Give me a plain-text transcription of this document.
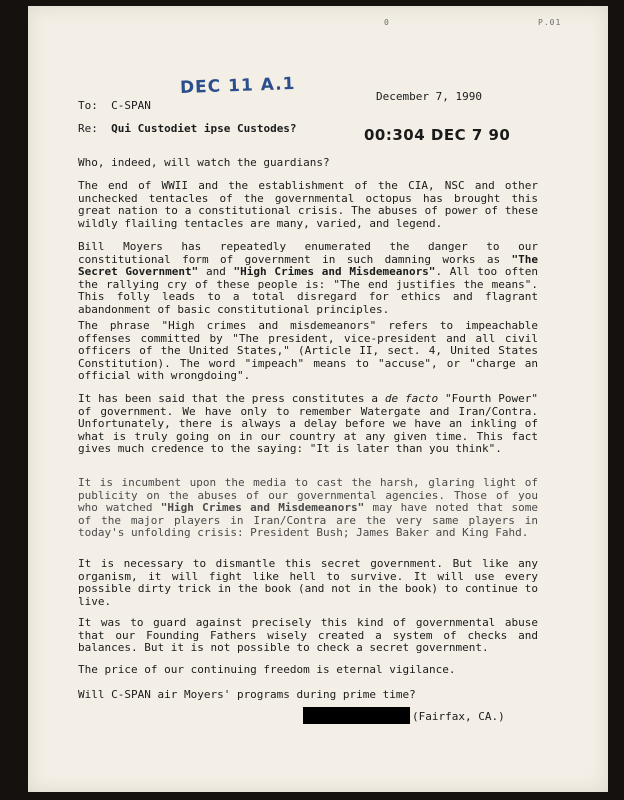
0	P.01
DEC 11 A.1
00:304 DEC 7 90
December 7, 1990
To: C-SPAN
Re: Qui Custodiet ipse Custodes?

Who, indeed, will watch the guardians?

The end of WWII and the establishment of the CIA, NSC and other unchecked tentacles of the governmental octopus has brought this great nation to a constitutional crisis. The abuses of power of these wildly flailing tentacles are many, varied, and legend.

Bill Moyers has repeatedly enumerated the danger to our constitutional form of government in such damning works as "The Secret Government" and "High Crimes and Misdemeanors". All too often the rallying cry of these people is: "The end justifies the means". This folly leads to a total disregard for ethics and flagrant abandonment of basic constitutional principles.

The phrase "High crimes and misdemeanors" refers to impeachable offenses committed by "The president, vice-president and all civil officers of the United States," (Article II, sect. 4, United States Constitution). The word "impeach" means to "accuse", or "charge an official with wrongdoing".

It has been said that the press constitutes a de facto "Fourth Power" of government. We have only to remember Watergate and Iran/Contra. Unfortunately, there is always a delay before we have an inkling of what is truly going on in our country at any given time. This fact gives much credence to the saying: "It is later than you think".

It is incumbent upon the media to cast the harsh, glaring light of publicity on the abuses of our governmental agencies. Those of you who watched "High Crimes and Misdemeanors" may have noted that some of the major players in Iran/Contra are the very same players in today's unfolding crisis: President Bush; James Baker and King Fahd.

It is necessary to dismantle this secret government. But like any organism, it will fight like hell to survive. It will use every possible dirty trick in the book (and not in the book) to continue to live.

It was to guard against precisely this kind of governmental abuse that our Founding Fathers wisely created a system of checks and balances. But it is not possible to check a secret government.

The price of our continuing freedom is eternal vigilance.

Will C-SPAN air Moyers' programs during prime time?

(Fairfax, CA.)
